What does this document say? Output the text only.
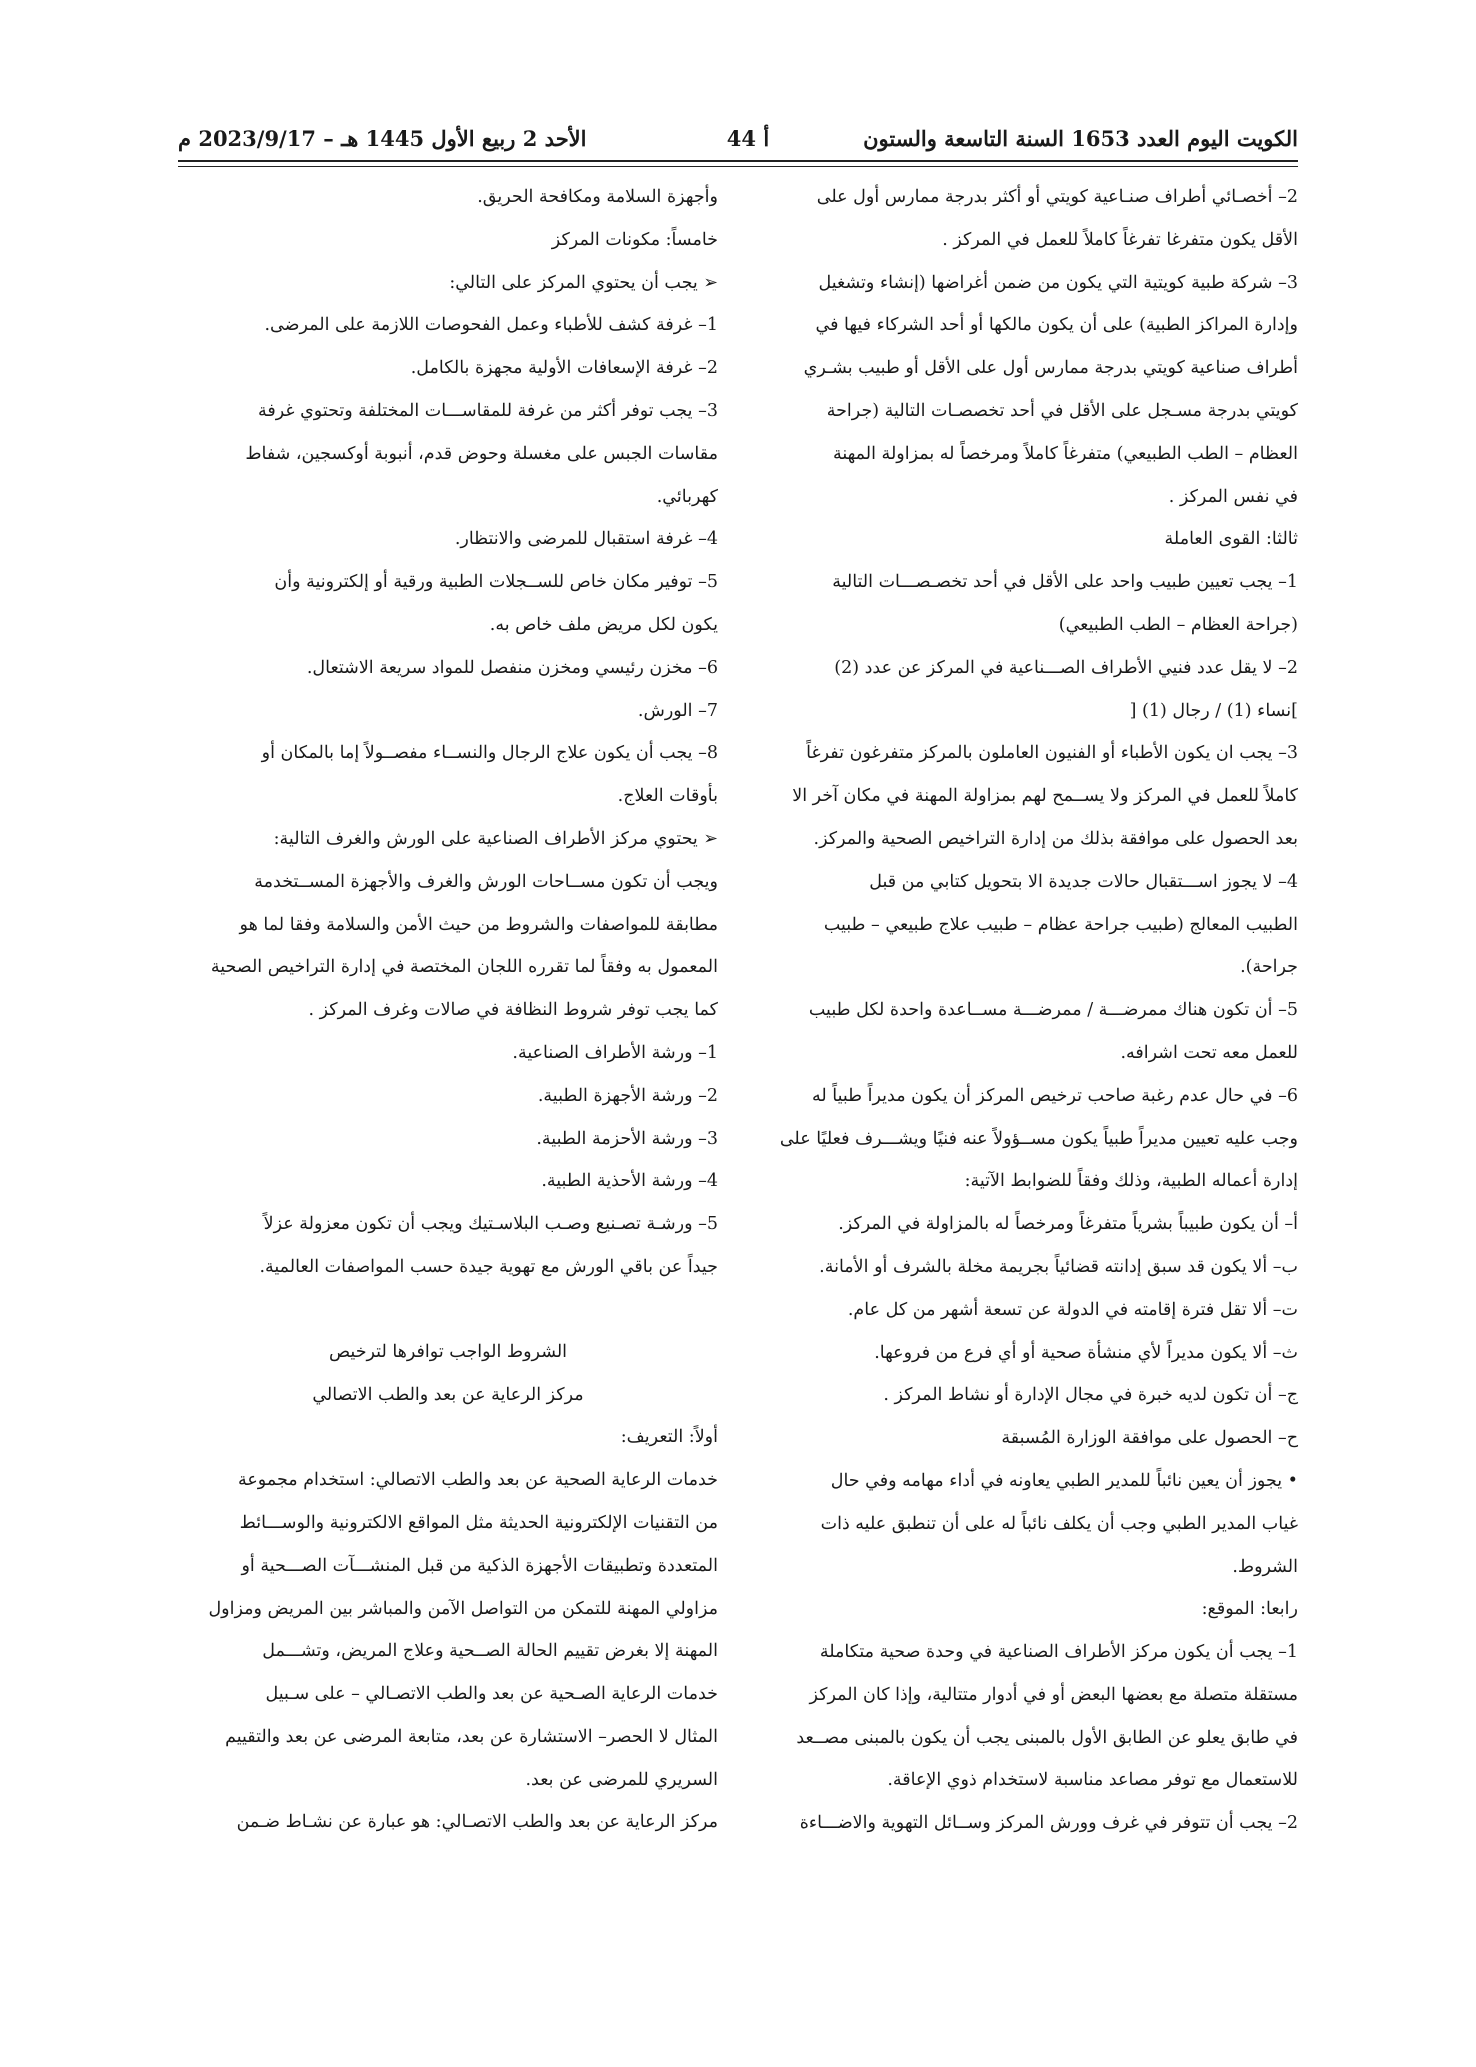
الأحد 2 ربيع الأول 1445 هـ – 2023/9/17 م	أ 44	الكويت اليوم العدد 1653 السنة التاسعة والستون

2– أخصـائي أطراف صنـاعية كويتي أو أكثر بدرجة ممارس أول على

الأقل يكون متفرغا تفرغاً كاملاً للعمل في المركز .

3– شركة طبية كويتية التي يكون من ضمن أغراضها (إنشاء وتشغيل

وإدارة المراكز الطبية) على أن يكون مالكها أو أحد الشركاء فيها في

أطراف صناعية كويتي بدرجة ممارس أول على الأقل أو طبيب بشـري

كويتي بدرجة مسـجل على الأقل في أحد تخصصـات التالية (جراحة

العظام – الطب الطبيعي) متفرغاً كاملاً ومرخصاً له بمزاولة المهنة

في نفس المركز .

ثالثا: القوى العاملة

1– يجب تعيين طبيب واحد على الأقل في أحد تخصـصـــات التالية

(جراحة العظام – الطب الطبيعي)

2– لا يقل عدد فنيي الأطراف الصـــناعية في المركز عن عدد (2)

]نساء (1) / رجال (1) [

3– يجب ان يكون الأطباء أو الفنيون العاملون بالمركز متفرغون تفرغاً

كاملاً للعمل في المركز ولا يســمح لهم بمزاولة المهنة في مكان آخر الا

بعد الحصول على موافقة بذلك من إدارة التراخيص الصحية والمركز.

4– لا يجوز اســـتقبال حالات جديدة الا بتحويل كتابي من قبل

الطبيب المعالج (طبيب جراحة عظام – طبيب علاج طبيعي – طبيب

جراحة).

5– أن تكون هناك ممرضـــة / ممرضـــة مســاعدة واحدة لكل طبيب

للعمل معه تحت اشرافه.

6– في حال عدم رغبة صاحب ترخيص المركز أن يكون مديراً طبياً له

وجب عليه تعيين مديراً طبياً يكون مســؤولاً عنه فنيًا ويشـــرف فعليًا على

إدارة أعماله الطبية، وذلك وفقاً للضوابط الآتية:

أ– أن يكون طبيباً بشرياً متفرغاً ومرخصاً له بالمزاولة في المركز.

ب– ألا يكون قد سبق إدانته قضائياً بجريمة مخلة بالشرف أو الأمانة.

ت– ألا تقل فترة إقامته في الدولة عن تسعة أشهر من كل عام.

ث– ألا يكون مديراً لأي منشأة صحية أو أي فرع من فروعها.

ج– أن تكون لديه خبرة في مجال الإدارة أو نشاط المركز .

ح– الحصول على موافقة الوزارة المُسبقة

• يجوز أن يعين نائباً للمدير الطبي يعاونه في أداء مهامه وفي حال

غياب المدير الطبي وجب أن يكلف نائباً له على أن تنطبق عليه ذات

الشروط.

رابعا: الموقع:

1– يجب أن يكون مركز الأطراف الصناعية في وحدة صحية متكاملة

مستقلة متصلة مع بعضها البعض أو في أدوار متتالية، وإذا كان المركز

في طابق يعلو عن الطابق الأول بالمبنى يجب أن يكون بالمبنى مصــعد

للاستعمال مع توفر مصاعد مناسبة لاستخدام ذوي الإعاقة.

2– يجب أن تتوفر في غرف وورش المركز وســائل التهوية والاضـــاءة

وأجهزة السلامة ومكافحة الحريق.

خامساً: مكونات المركز

➢ يجب أن يحتوي المركز على التالي:

1– غرفة كشف للأطباء وعمل الفحوصات اللازمة على المرضى.

2– غرفة الإسعافات الأولية مجهزة بالكامل.

3– يجب توفر أكثر من غرفة للمقاســـات المختلفة وتحتوي غرفة

مقاسات الجبس على مغسلة وحوض قدم، أنبوبة أوكسجين، شفاط

كهربائي.

4– غرفة استقبال للمرضى والانتظار.

5– توفير مكان خاص للســجلات الطبية ورقية أو إلكترونية وأن

يكون لكل مريض ملف خاص به.

6– مخزن رئيسي ومخزن منفصل للمواد سريعة الاشتعال.

7– الورش.

8– يجب أن يكون علاج الرجال والنســاء مفصــولاً إما بالمكان أو

بأوقات العلاج.

➢ يحتوي مركز الأطراف الصناعية على الورش والغرف التالية:

ويجب أن تكون مســاحات الورش والغرف والأجهزة المســتخدمة

مطابقة للمواصفات والشروط من حيث الأمن والسلامة وفقا لما هو

المعمول به وفقاً لما تقرره اللجان المختصة في إدارة التراخيص الصحية

كما يجب توفر شروط النظافة في صالات وغرف المركز .

1– ورشة الأطراف الصناعية.

2– ورشة الأجهزة الطبية.

3– ورشة الأحزمة الطبية.

4– ورشة الأحذية الطبية.

5– ورشـة تصـنيع وصـب البلاسـتيك ويجب أن تكون معزولة عزلاً

جيداً عن باقي الورش مع تهوية جيدة حسب المواصفات العالمية.

الشروط الواجب توافرها لترخيص

مركز الرعاية عن بعد والطب الاتصالي

أولاً: التعريف:

خدمات الرعاية الصحية عن بعد والطب الاتصالي: استخدام مجموعة

من التقنيات الإلكترونية الحديثة مثل المواقع الالكترونية والوســـائط

المتعددة وتطبيقات الأجهزة الذكية من قبل المنشـــآت الصـــحية أو

مزاولي المهنة للتمكن من التواصل الآمن والمباشر بين المريض ومزاول

المهنة إلا بغرض تقييم الحالة الصــحية وعلاج المريض، وتشـــمل

خدمات الرعاية الصـحية عن بعد والطب الاتصـالي – على سـبيل

المثال لا الحصر– الاستشارة عن بعد، متابعة المرضى عن بعد والتقييم

السريري للمرضى عن بعد.

مركز الرعاية عن بعد والطب الاتصـالي: هو عبارة عن نشـاط ضـمن
